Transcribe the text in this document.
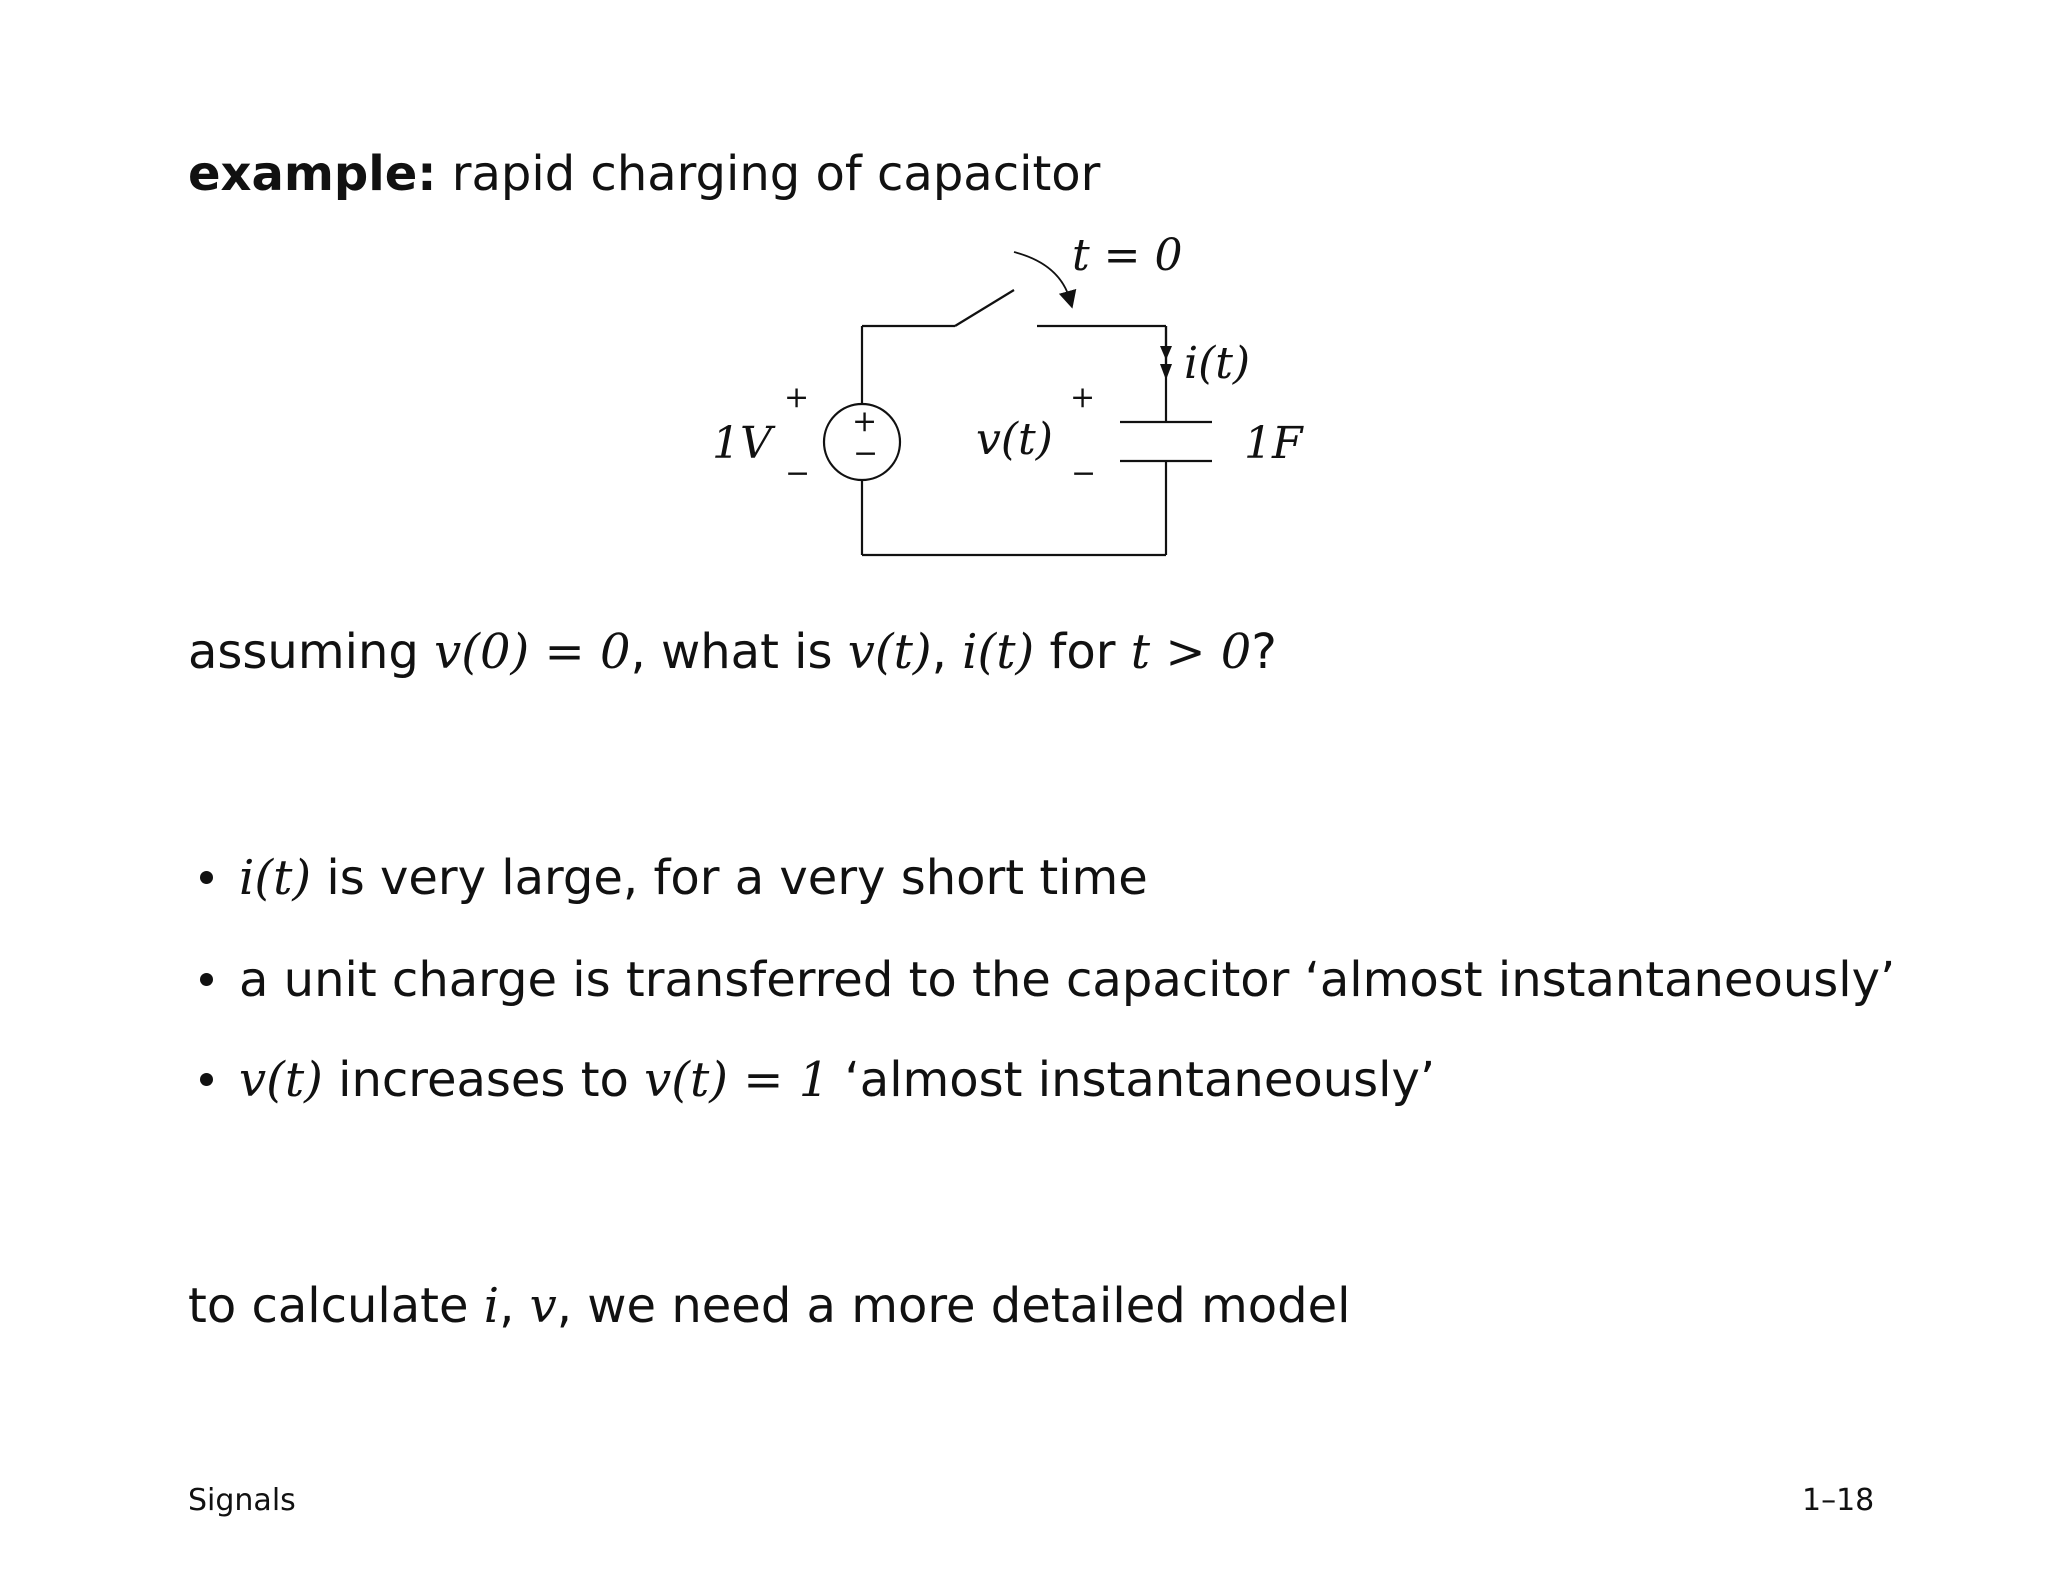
example: rapid charging of capacitor
t = 0
i(t)
v(t)
1V	1F
+
−
+
−
+
−
assuming v(0) = 0, what is v(t), i(t) for t > 0?
i(t) is very large, for a very short time
a unit charge is transferred to the capacitor ‘almost instantaneously’
v(t) increases to v(t) = 1 ‘almost instantaneously’
to calculate i, v, we need a more detailed model
Signals	1–18
